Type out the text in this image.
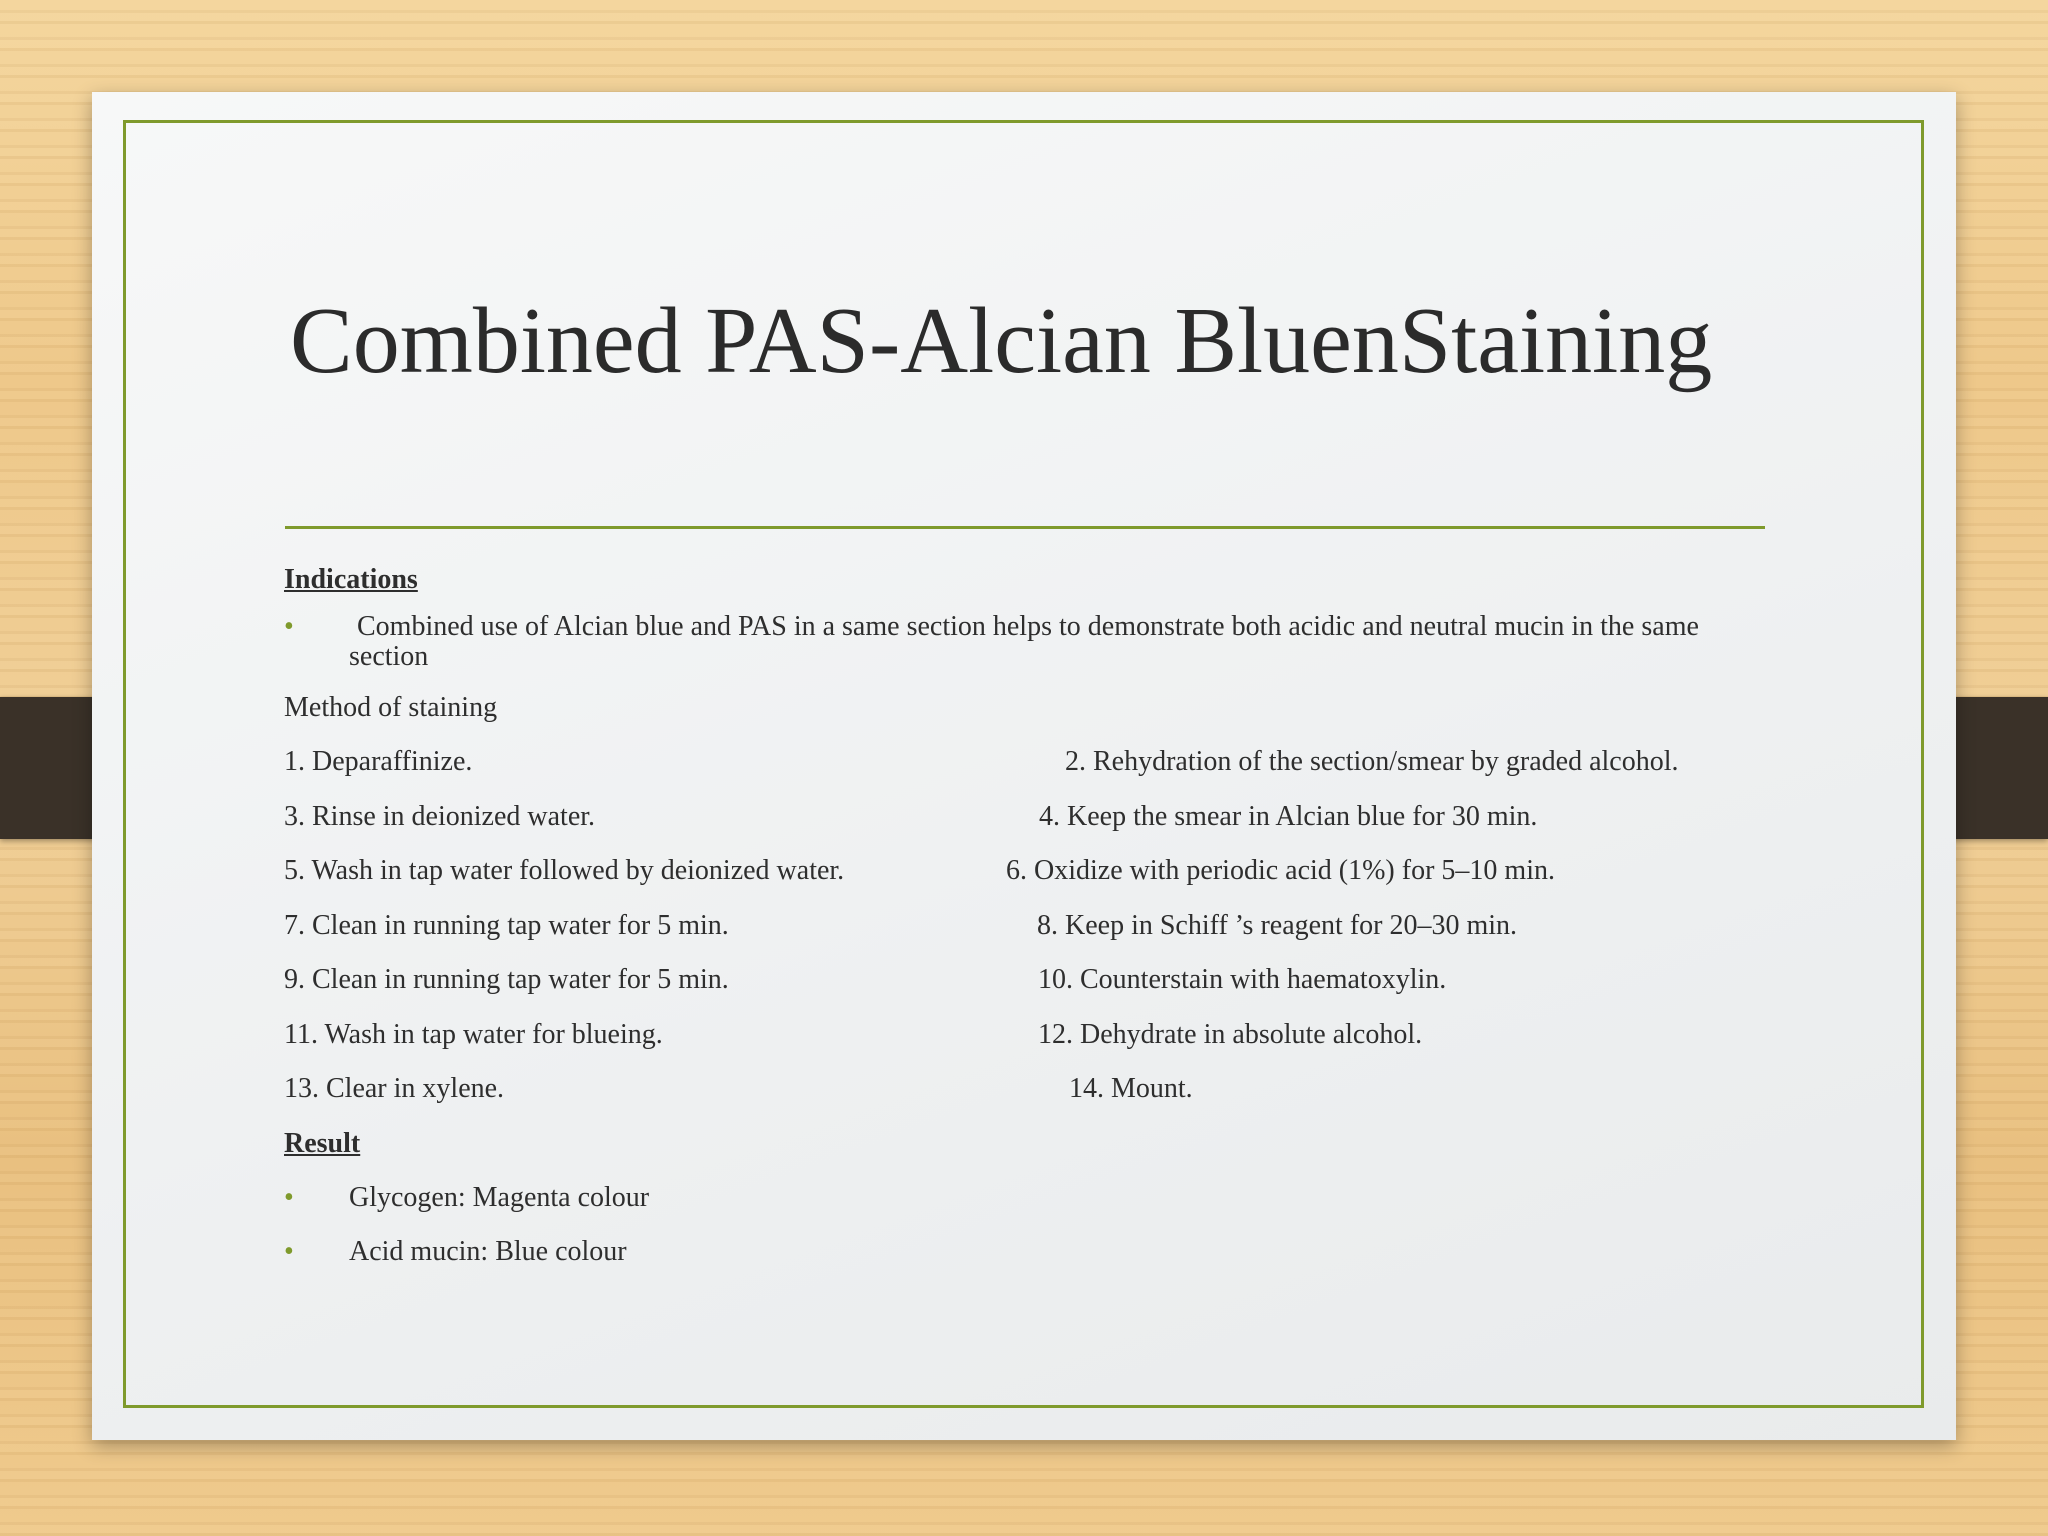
Combined PAS-Alcian BluenStaining
Indications
• Combined use of Alcian blue and PAS in a same section helps to demonstrate both acidic and neutral mucin in the same section
Method of staining
1. Deparaffinize.	2. Rehydration of the section/smear by graded alcohol.
3. Rinse in deionized water.	4. Keep the smear in Alcian blue for 30 min.
5. Wash in tap water followed by deionized water.	6. Oxidize with periodic acid (1%) for 5–10 min.
7. Clean in running tap water for 5 min.	8. Keep in Schiff ’s reagent for 20–30 min.
9. Clean in running tap water for 5 min.	10. Counterstain with haematoxylin.
11. Wash in tap water for blueing.	12. Dehydrate in absolute alcohol.
13. Clear in xylene.	14. Mount.
Result
• Glycogen: Magenta colour
• Acid mucin: Blue colour
